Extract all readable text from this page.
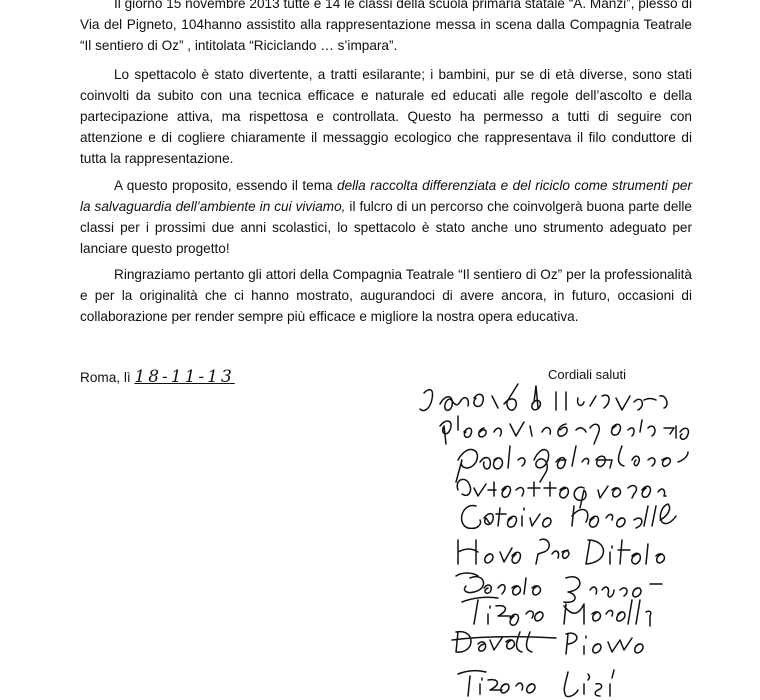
Il giorno 15 novembre 2013 tutte e 14 le classi della scuola primaria statale “A. Manzi”, plesso di Via del Pigneto, 104hanno assistito alla rappresentazione messa in scena dalla Compagnia Teatrale “Il sentiero di Oz” , intitolata “Riciclando … s’impara”.

Lo spettacolo è stato divertente, a tratti esilarante; i bambini, pur se di età diverse, sono stati coinvolti da subito con una tecnica efficace e naturale ed educati alle regole dell’ascolto e della partecipazione attiva, ma rispettosa e controllata. Questo ha permesso a tutti di seguire con attenzione e di cogliere chiaramente il messaggio ecologico che rappresentava il filo conduttore di tutta la rappresentazione.

A questo proposito, essendo il tema della raccolta differenziata e del riciclo come strumenti per la salvaguardia dell’ambiente in cui viviamo, il fulcro di un percorso che coinvolgerà buona parte delle classi per i prossimi due anni scolastici, lo spettacolo è stato anche uno strumento adeguato per lanciare questo progetto!

Ringraziamo pertanto gli attori della Compagnia Teatrale “Il sentiero di Oz” per la professionalità e per la originalità che ci hanno mostrato, augurandoci di avere ancora, in futuro, occasioni di collaborazione per render sempre più efficace e migliore la nostra opera educativa.

Roma, lì 18-11-13	Cordiali saluti
